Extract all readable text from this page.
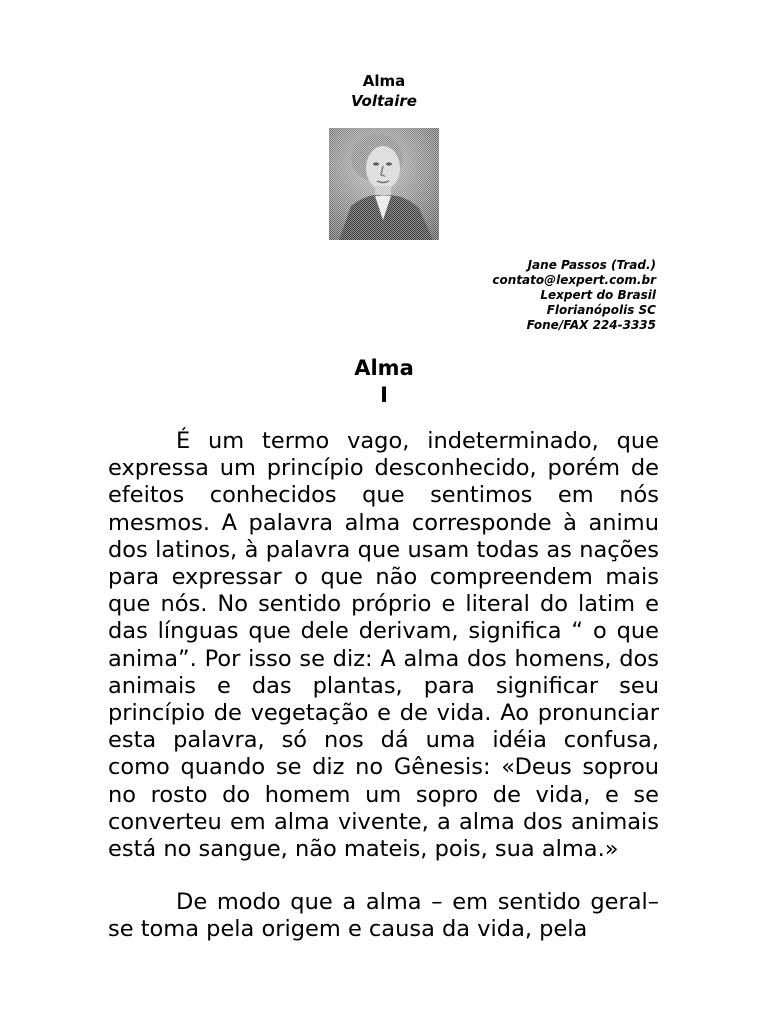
Alma
Voltaire
Jane Passos (Trad.)
contato@lexpert.com.br
Lexpert do Brasil
Florianópolis SC
Fone/FAX 224-3335
Alma
I

É um termo vago, indeterminado, que expressa um princípio desconhecido, porém de efeitos conhecidos que sentimos em nós mesmos. A palavra alma corresponde à animu dos latinos, à palavra que usam todas as nações para expressar o que não compreendem mais que nós. No sentido próprio e literal do latim e das línguas que dele derivam, significa “ o que anima”. Por isso se diz: A alma dos homens, dos animais e das plantas, para significar seu princípio de vegetação e de vida. Ao pronunciar esta palavra, só nos dá uma idéia confusa, como quando se diz no Gênesis: «Deus soprou no rosto do homem um sopro de vida, e se converteu em alma vivente, a alma dos animais está no sangue, não mateis, pois, sua alma.»

De modo que a alma – em sentido geral– se toma pela origem e causa da vida, pela
